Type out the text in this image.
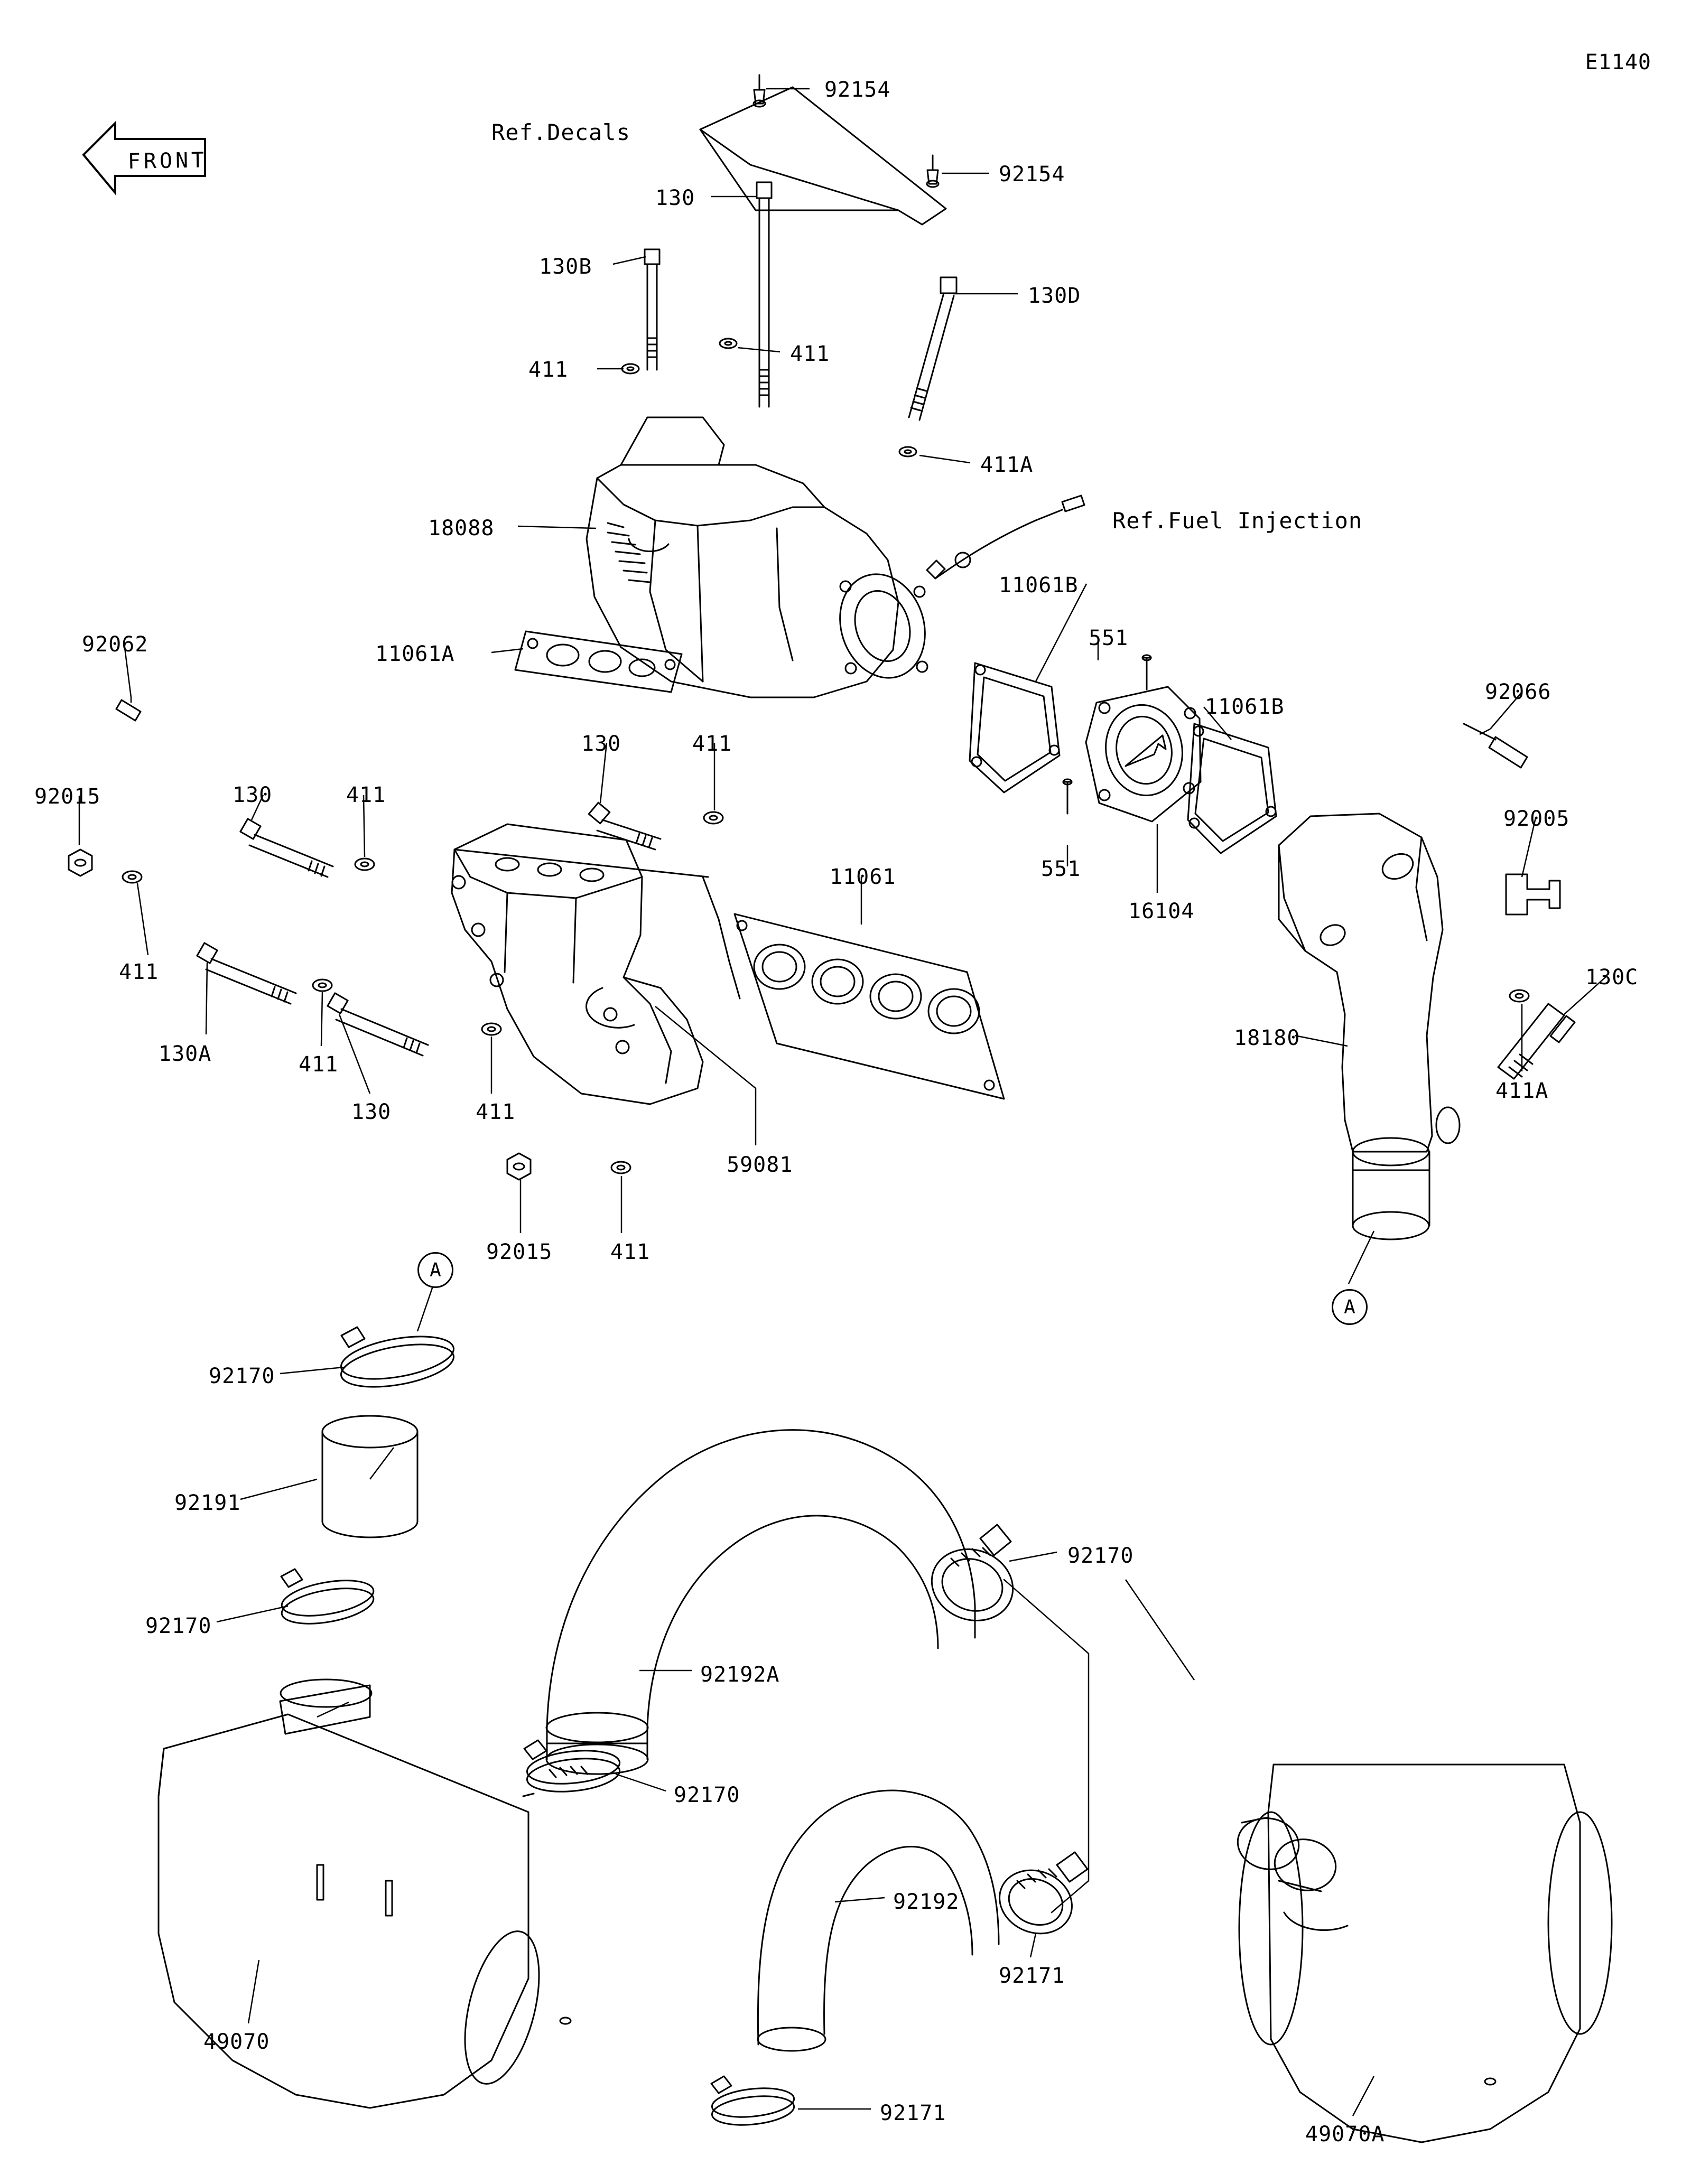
E1140
FRONT
Ref.Decals
Ref.Fuel Injection
92154
92154
130
130B
130D
411
411
411A
18088
11061A
11061B
551
11061B
92062
92066
92015	130	411
130	411
92005
551
16104
11061
411
130A	411
130	411
130C
18180
411A
59081
92015	411
92170
92191
92170
92170
92192A
92170
92192
92171
49070
92171
49070A
A
A
